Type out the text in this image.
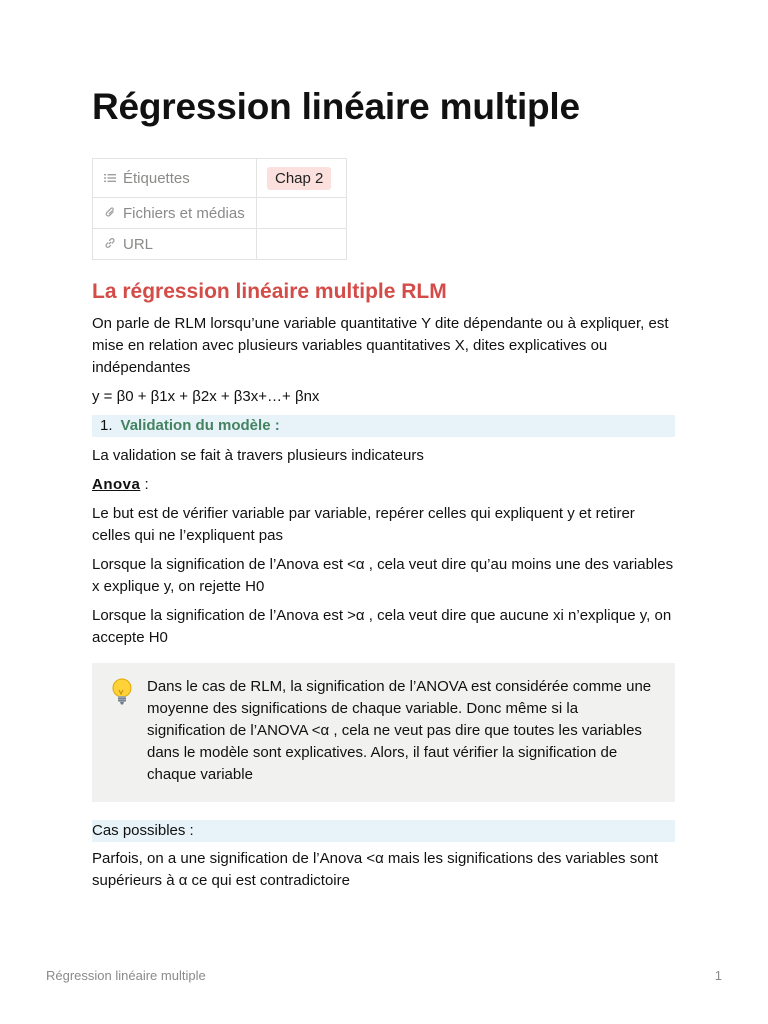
Régression linéaire multiple
Étiquettes	Chap 2
Fichiers et médias	
URL	
La régression linéaire multiple RLM

On parle de RLM lorsqu’une variable quantitative Y dite dépendante ou à expliquer, est mise en relation avec plusieurs variables quantitatives X, dites explicatives ou indépendantes

y = β0 + β1x + β2x + β3x+…+ βnx

1. Validation du modèle :

La validation se fait à travers plusieurs indicateurs

Anova :

Le but est de vérifier variable par variable, repérer celles qui expliquent y et retirer celles qui ne l’expliquent pas

Lorsque la signification de l’Anova est <α , cela veut dire qu’au moins une des variables x explique y, on rejette H0

Lorsque la signification de l’Anova est >α , cela veut dire que aucune xi n’explique y, on accepte H0

Dans le cas de RLM, la signification de l’ANOVA est considérée comme une moyenne des significations de chaque variable. Donc même si la signification de l’ANOVA <α , cela ne veut pas dire que toutes les variables dans le modèle sont explicatives. Alors, il faut vérifier la signification de chaque variable
Cas possibles :

Parfois, on a une signification de l’Anova <α mais les significations des variables sont supérieurs à α ce qui est contradictoire

Régression linéaire multiple	1
